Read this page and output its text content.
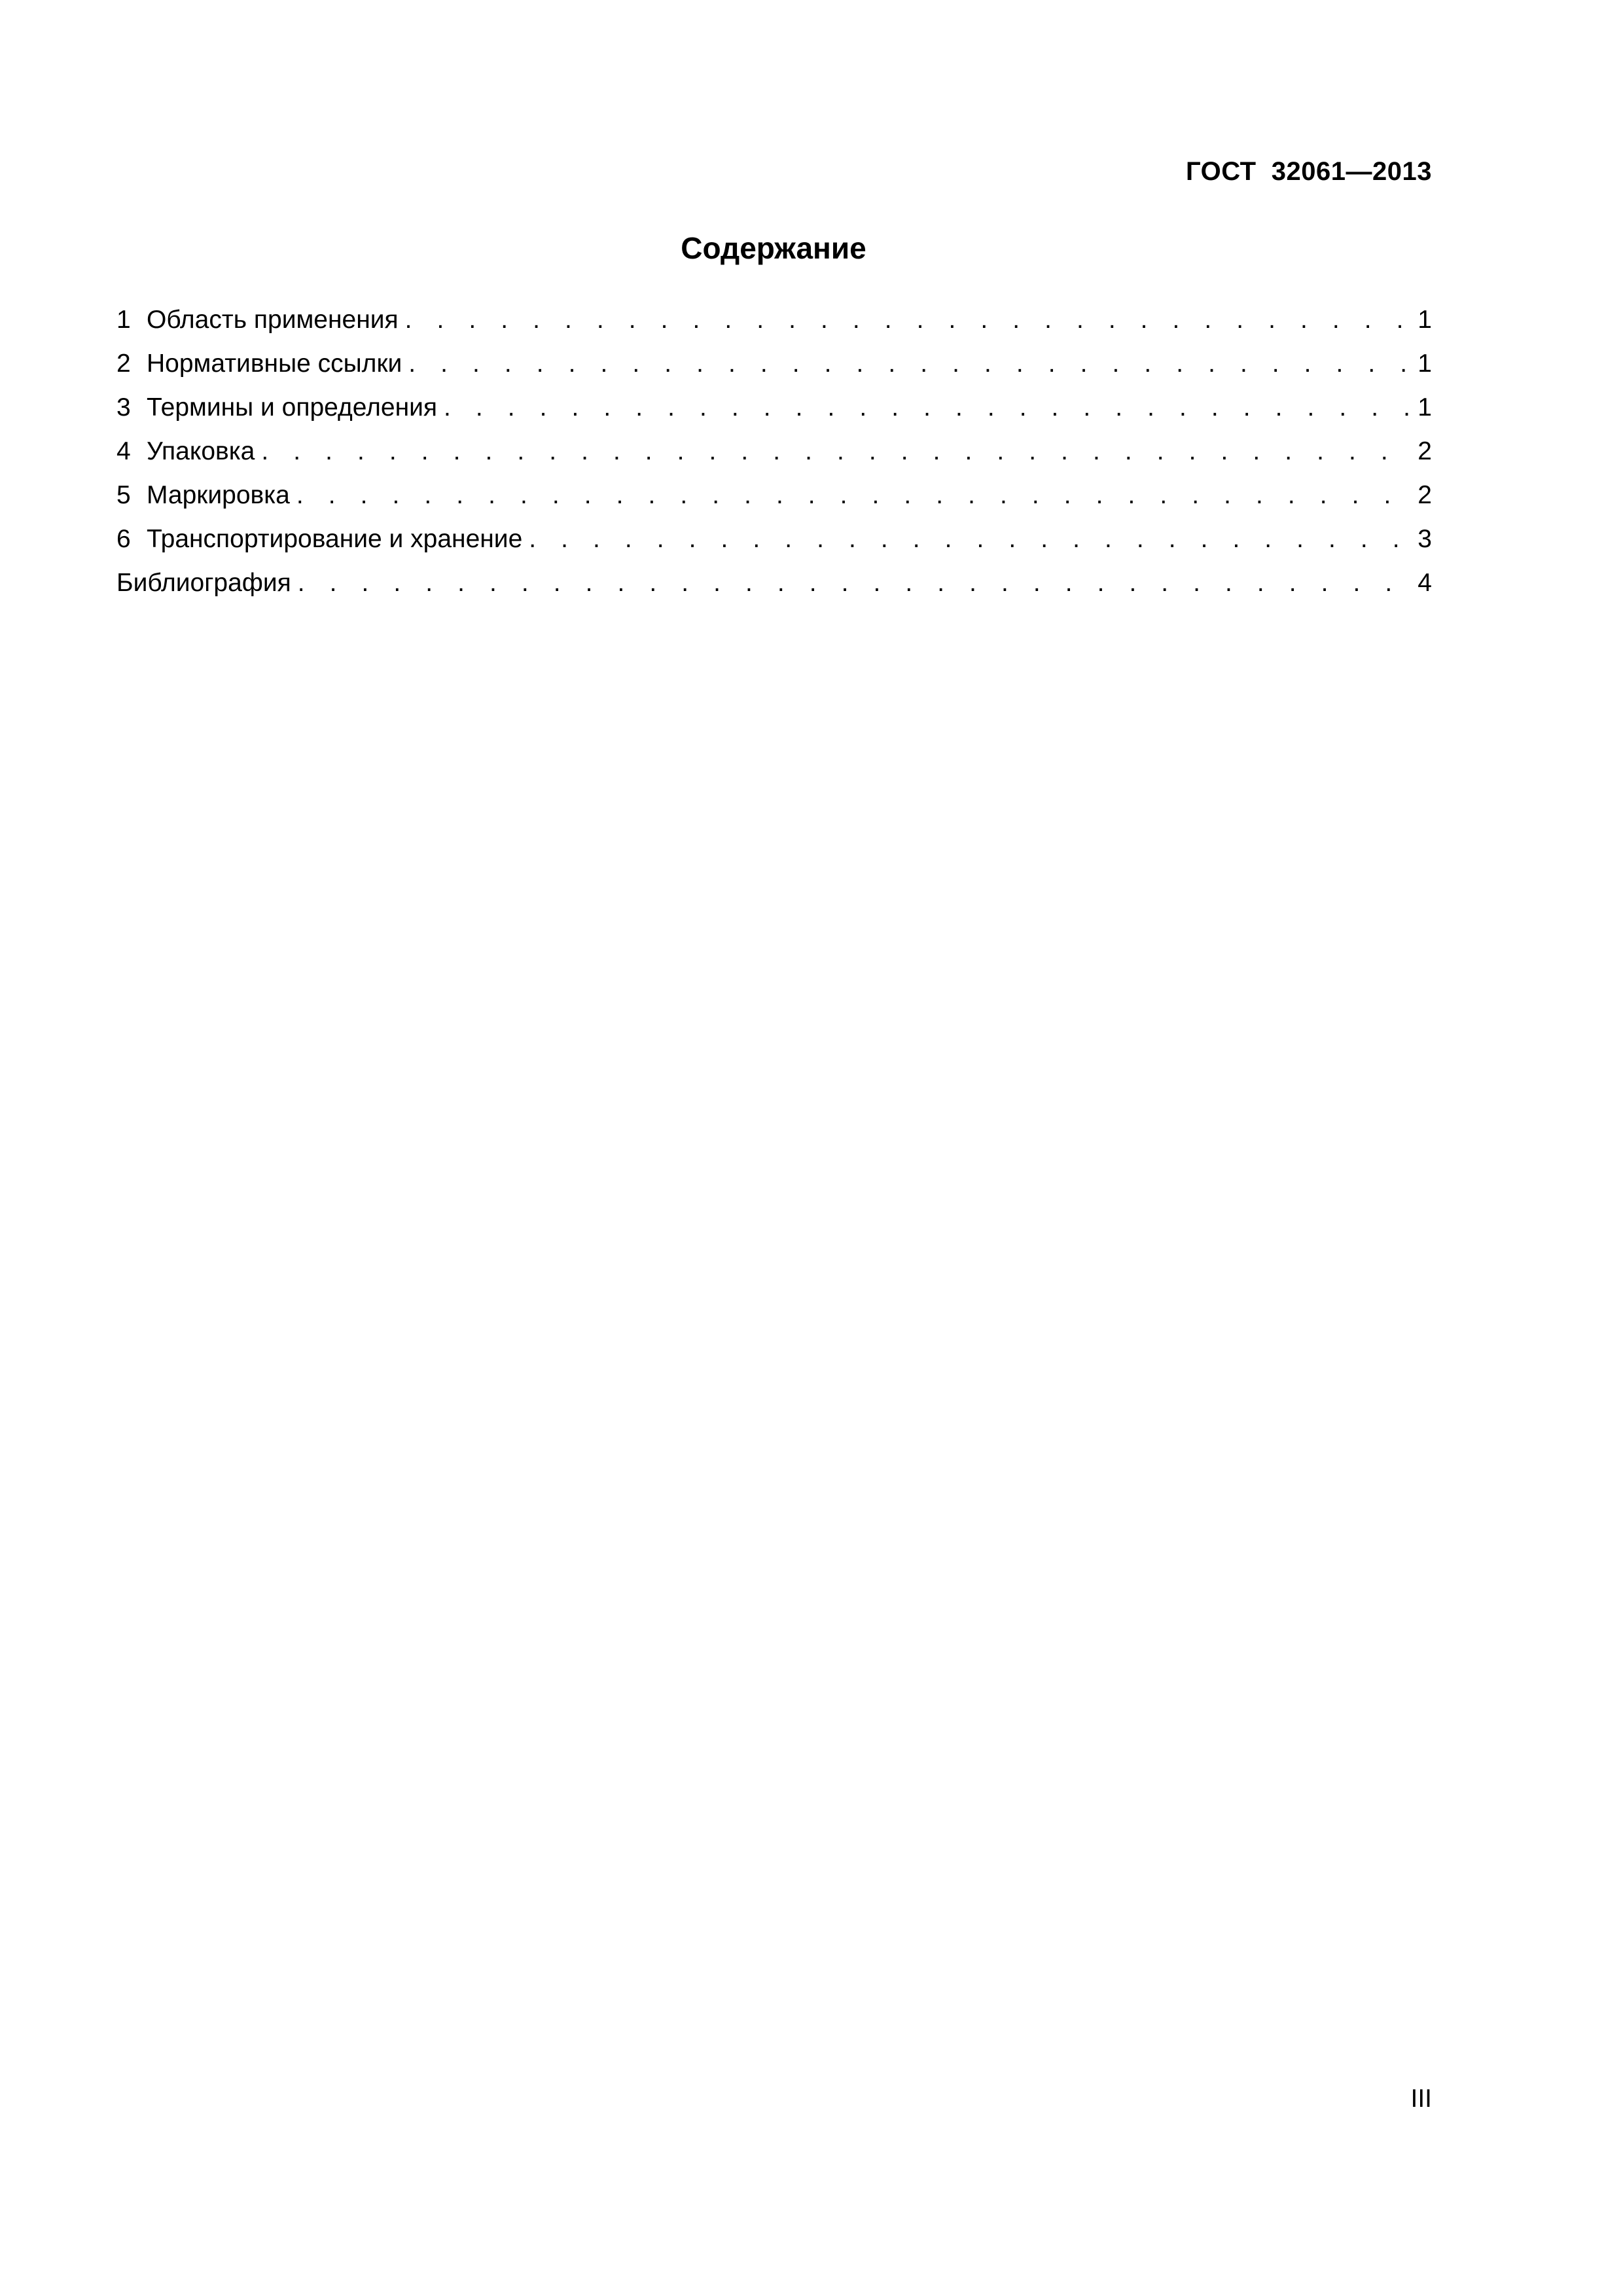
ГОСТ  32061—2013
Содержание
1 Область применения . . .	1
2 Нормативные ссылки . . .	1
3 Термины и определения . . .	1
4 Упаковка . . .	2
5 Маркировка . . .	2
6 Транспортирование и хранение . . .	3
Библиография . . .	4
III
